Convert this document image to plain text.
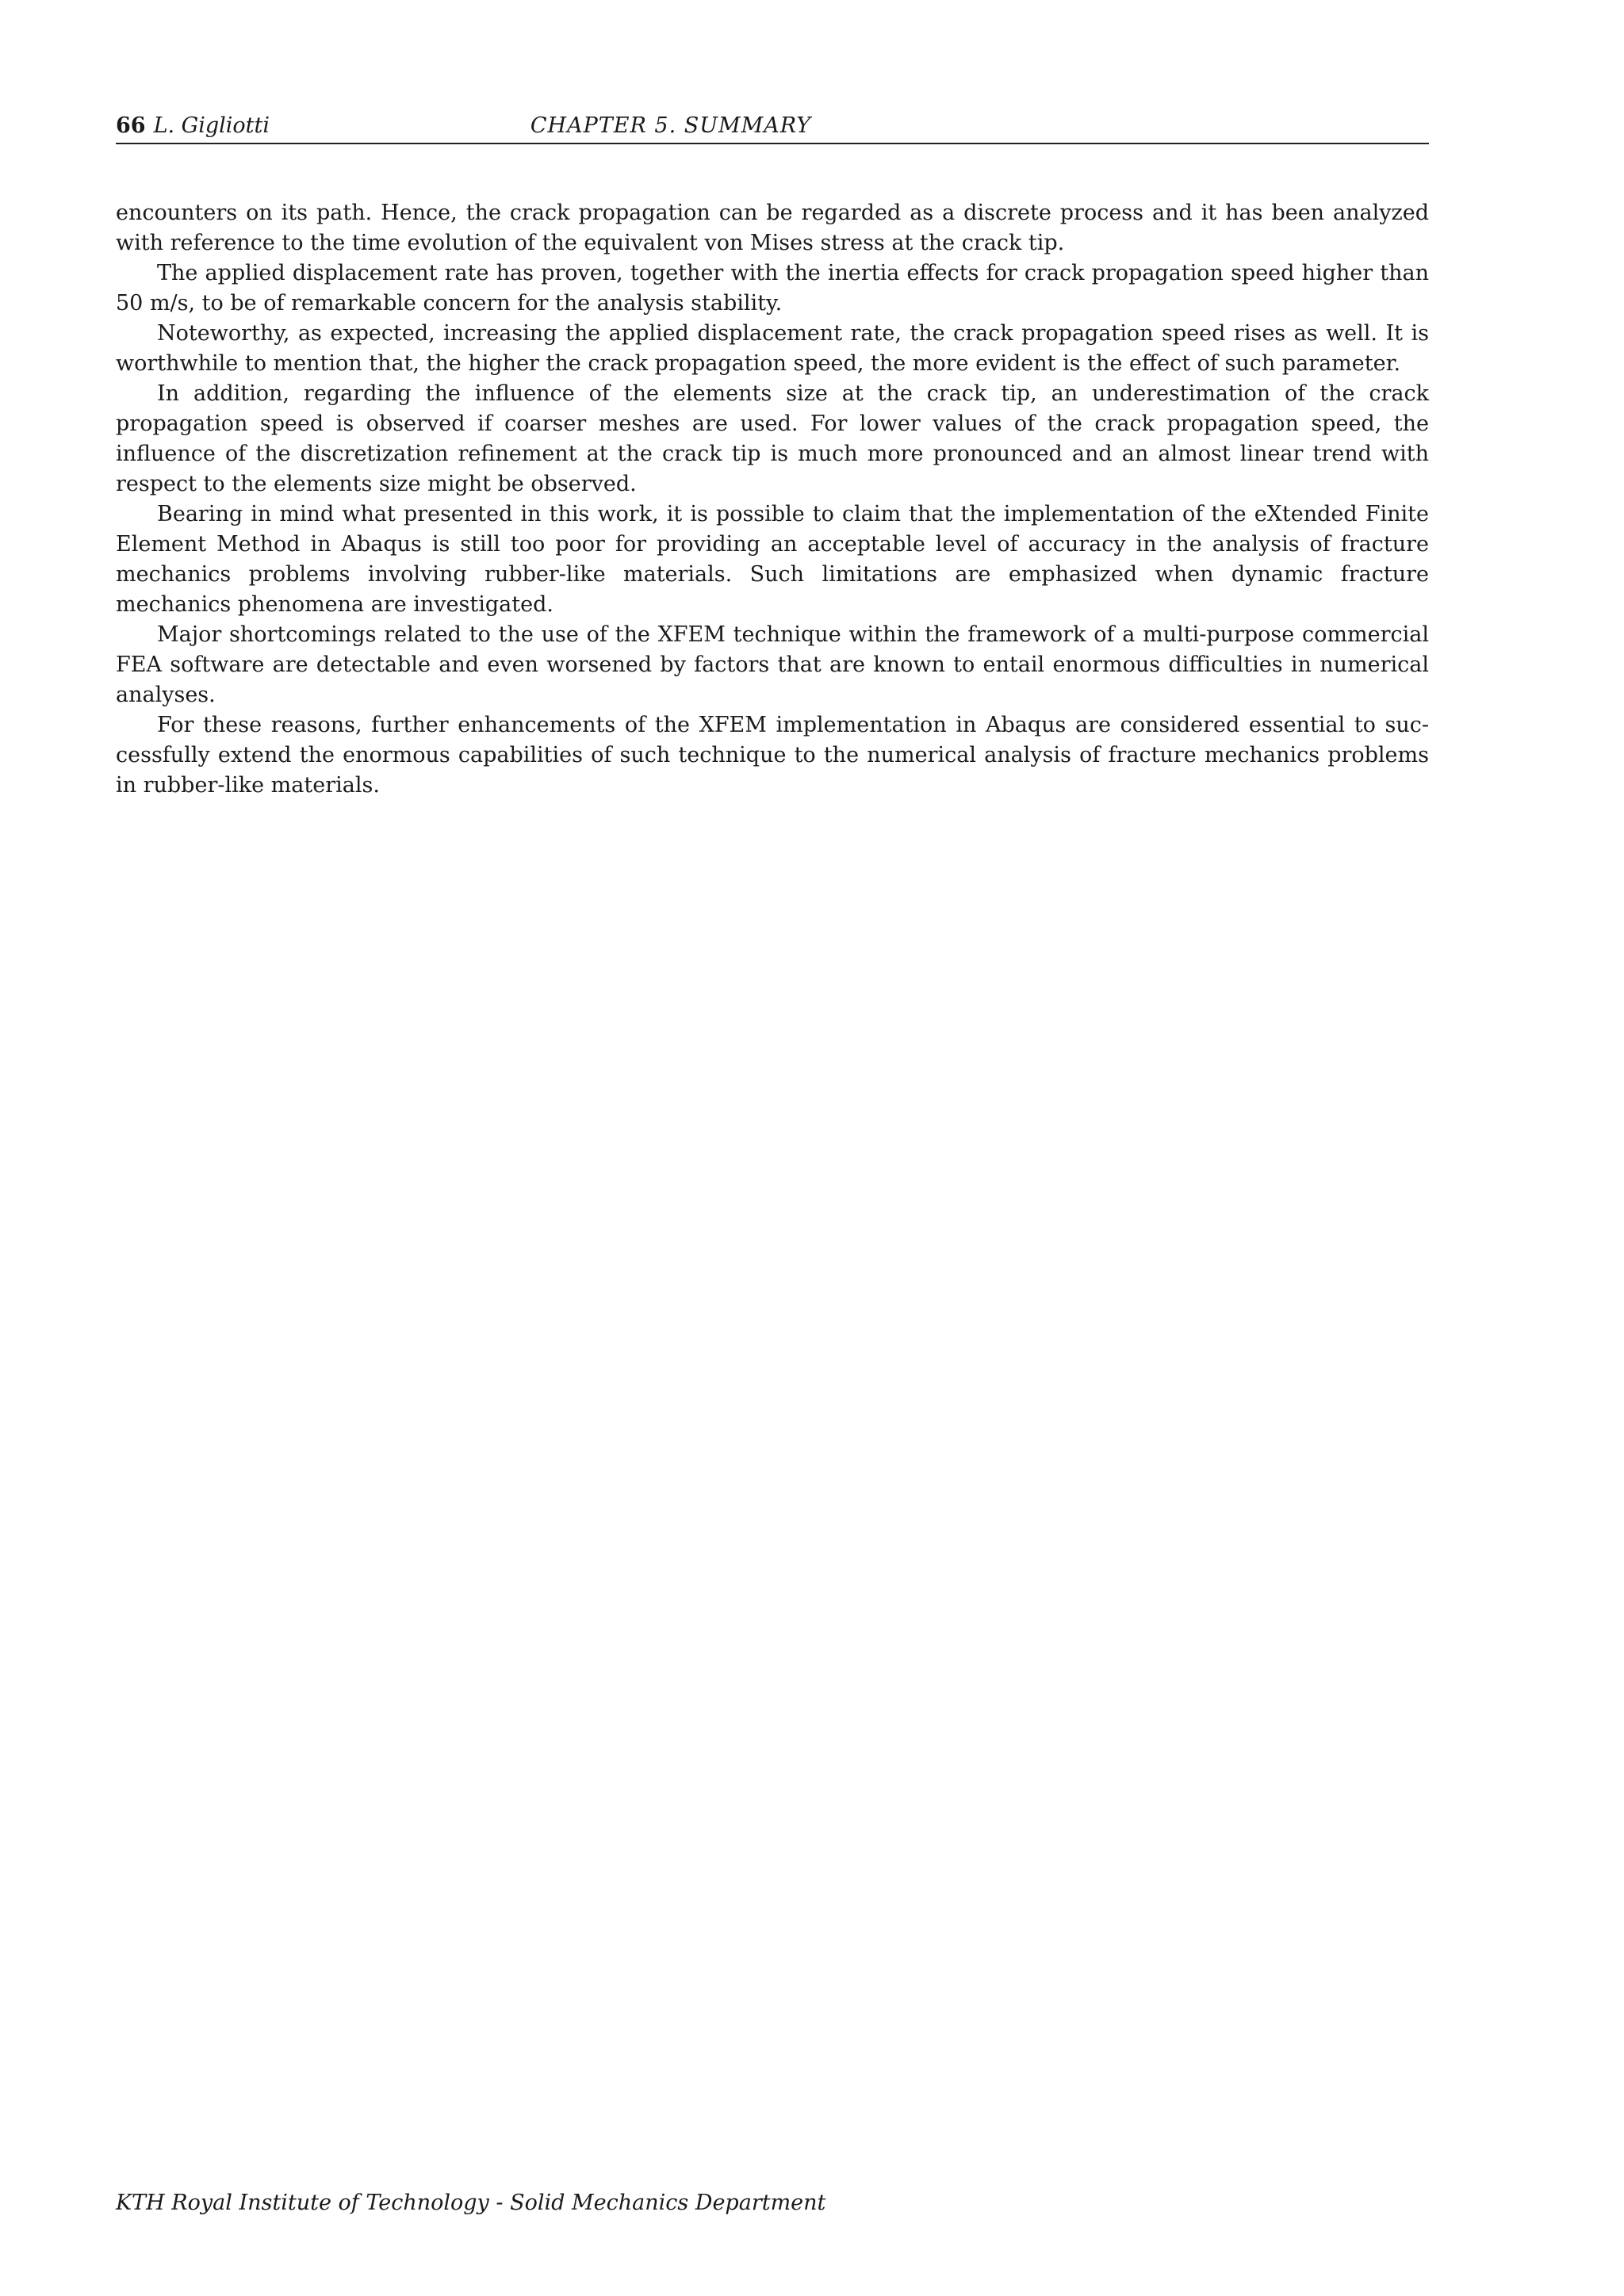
66 L. Gigliotti	CHAPTER 5. SUMMARY

encounters on its path. Hence, the crack propagation can be regarded as a discrete process and it has been analyzed with reference to the time evolution of the equivalent von Mises stress at the crack tip.

The applied displacement rate has proven, together with the inertia effects for crack propagation speed higher than 50 m/s, to be of remarkable concern for the analysis stability.

Noteworthy, as expected, increasing the applied displacement rate, the crack propagation speed rises as well. It is worthwhile to mention that, the higher the crack propagation speed, the more evident is the effect of such parameter.

In addition, regarding the influence of the elements size at the crack tip, an underestimation of the crack propagation speed is observed if coarser meshes are used. For lower values of the crack propagation speed, the influence of the discretization refinement at the crack tip is much more pronounced and an almost linear trend with respect to the elements size might be observed.

Bearing in mind what presented in this work, it is possible to claim that the implementation of the eXtended Finite Element Method in Abaqus is still too poor for providing an acceptable level of accuracy in the analysis of fracture mechanics problems involving rubber-like materials. Such limitations are emphasized when dynamic fracture mechanics phenomena are investigated.

Major shortcomings related to the use of the XFEM technique within the framework of a multi-purpose commercial FEA software are detectable and even worsened by factors that are known to entail enormous difficulties in numerical analyses.

For these reasons, further enhancements of the XFEM implementation in Abaqus are considered essential to successfully extend the enormous capabilities of such technique to the numerical analysis of fracture mechanics problems in rubber-like materials.

KTH Royal Institute of Technology - Solid Mechanics Department
